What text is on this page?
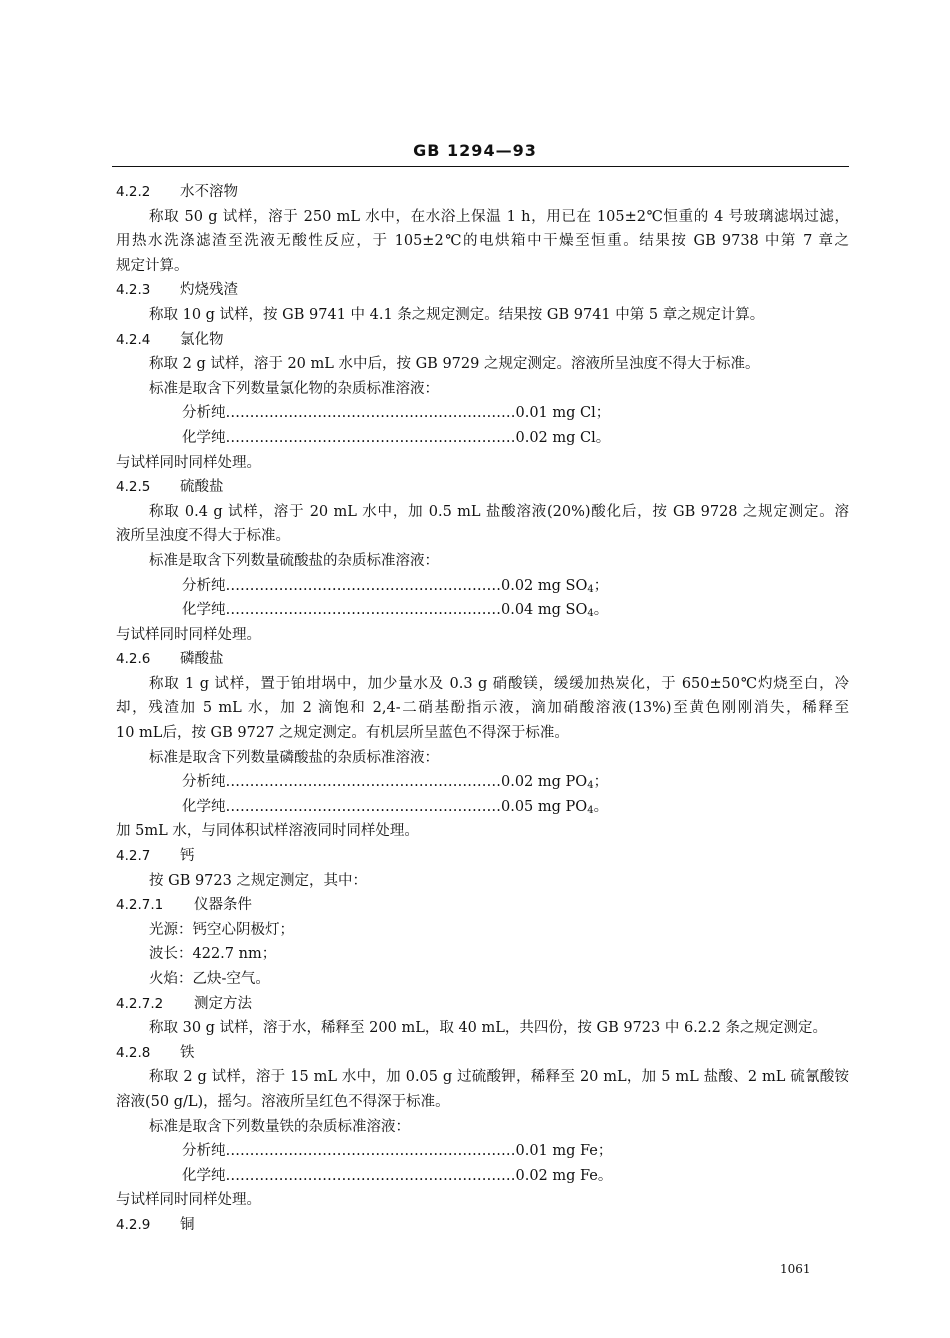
GB 1294—93
4.2.2 水不溶物
称取 50 g 试样，溶于 250 mL 水中，在水浴上保温 1 h，用已在 105±2℃恒重的 4 号玻璃滤埚过滤，
用热水洗涤滤渣至洗液无酸性反应，于 105±2℃的电烘箱中干燥至恒重。结果按 GB 9738 中第 7 章之
规定计算。
4.2.3 灼烧残渣
称取 10 g 试样，按 GB 9741 中 4.1 条之规定测定。结果按 GB 9741 中第 5 章之规定计算。
4.2.4 氯化物
称取 2 g 试样，溶于 20 mL 水中后，按 GB 9729 之规定测定。溶液所呈浊度不得大于标准。
标准是取含下列数量氯化物的杂质标准溶液：
分析纯……………………………………………………0.01 mg Cl；
化学纯……………………………………………………0.02 mg Cl。
与试样同时同样处理。
4.2.5 硫酸盐
称取 0.4 g 试样，溶于 20 mL 水中，加 0.5 mL 盐酸溶液(20%)酸化后，按 GB 9728 之规定测定。溶
液所呈浊度不得大于标准。
标准是取含下列数量硫酸盐的杂质标准溶液：
分析纯…………………………………………………0.02 mg $SO_4$；
化学纯…………………………………………………0.04 mg $SO_4$。
与试样同时同样处理。
4.2.6 磷酸盐
称取 1 g 试样，置于铂坩埚中，加少量水及 0.3 g 硝酸镁，缓缓加热炭化，于 650±50℃灼烧至白，冷
却，残渣加 5 mL 水，加 2 滴饱和 2,4-二硝基酚指示液，滴加硝酸溶液(13%)至黄色刚刚消失，稀释至
10 mL后，按 GB 9727 之规定测定。有机层所呈蓝色不得深于标准。
标准是取含下列数量磷酸盐的杂质标准溶液：
分析纯…………………………………………………0.02 mg $PO_4$；
化学纯…………………………………………………0.05 mg $PO_4$。
加 5mL 水，与同体积试样溶液同时同样处理。
4.2.7 钙
按 GB 9723 之规定测定，其中：
4.2.7.1 仪器条件
光源：钙空心阴极灯；
波长：422.7 nm；
火焰：乙炔-空气。
4.2.7.2 测定方法
称取 30 g 试样，溶于水，稀释至 200 mL，取 40 mL，共四份，按 GB 9723 中 6.2.2 条之规定测定。
4.2.8 铁
称取 2 g 试样，溶于 15 mL 水中，加 0.05 g 过硫酸钾，稀释至 20 mL，加 5 mL 盐酸、2 mL 硫氰酸铵
溶液(50 g/L)，摇匀。溶液所呈红色不得深于标准。
标准是取含下列数量铁的杂质标准溶液：
分析纯……………………………………………………0.01 mg Fe；
化学纯……………………………………………………0.02 mg Fe。
与试样同时同样处理。
4.2.9 铜
1061
